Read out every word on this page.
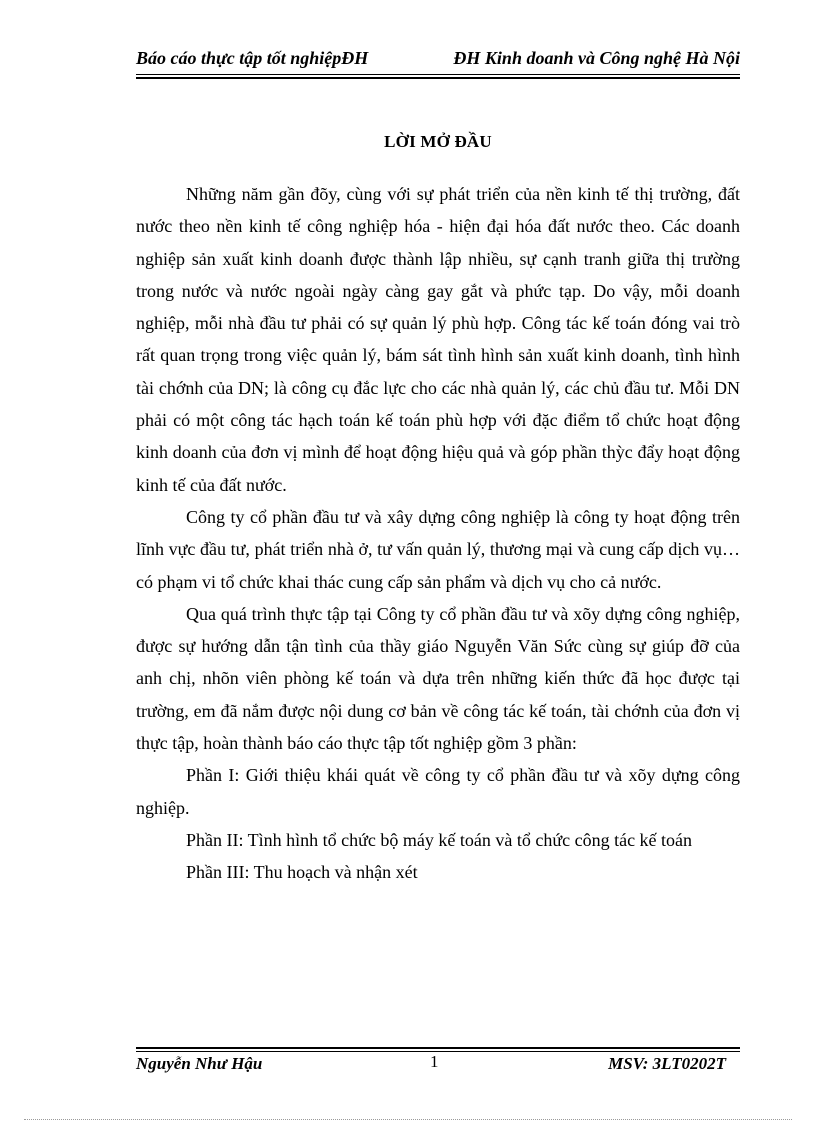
Báo cáo thực tập tốt nghiệpĐH	ĐH Kinh doanh và Công nghệ Hà Nội
LỜI MỞ ĐẦU

Những năm gần đõy, cùng với sự phát triển của nền kinh tế thị trường, đất nước theo nền kinh tế công nghiệp hóa - hiện đại hóa đất nước theo. Các doanh nghiệp sản xuất kinh doanh được thành lập nhiều, sự cạnh tranh giữa thị trường trong nước và nước ngoài ngày càng gay gắt và phức tạp. Do vậy, mỗi doanh nghiệp, mỗi nhà đầu tư phải có sự quản lý phù hợp. Công tác kế toán đóng vai trò rất quan trọng trong việc quản lý, bám sát tình hình sản xuất kinh doanh, tình hình tài chớnh của DN; là công cụ đắc lực cho các nhà quản lý, các chủ đầu tư. Mỗi DN phải có một công tác hạch toán kế toán phù hợp với đặc điểm tổ chức hoạt động kinh doanh của đơn vị mình để hoạt động hiệu quả và góp phần thỳc đẩy hoạt động kinh tế của đất nước.

Công ty cổ phần đầu tư và xây dựng công nghiệp là công ty hoạt động trên lĩnh vực đầu tư, phát triển nhà ở, tư vấn quản lý, thương mại và cung cấp dịch vụ… có phạm vi tổ chức khai thác cung cấp sản phẩm và dịch vụ cho cả nước.

Qua quá trình thực tập tại Công ty cổ phần đầu tư và xõy dựng công nghiệp, được sự hướng dẫn tận tình của thầy giáo Nguyễn Văn Sức cùng sự giúp đỡ của anh chị, nhõn viên phòng kế toán và dựa trên những kiến thức đã học được tại trường, em đã nắm được nội dung cơ bản về công tác kế toán, tài chớnh của đơn vị thực tập, hoàn thành báo cáo thực tập tốt nghiệp gồm 3 phần:

Phần I: Giới thiệu khái quát về công ty cổ phần đầu tư và xõy dựng công nghiệp.

Phần II: Tình hình tổ chức bộ máy kế toán và tổ chức công tác kế toán

Phần III: Thu hoạch và nhận xét

Nguyễn Như Hậu	1	MSV: 3LT0202T
